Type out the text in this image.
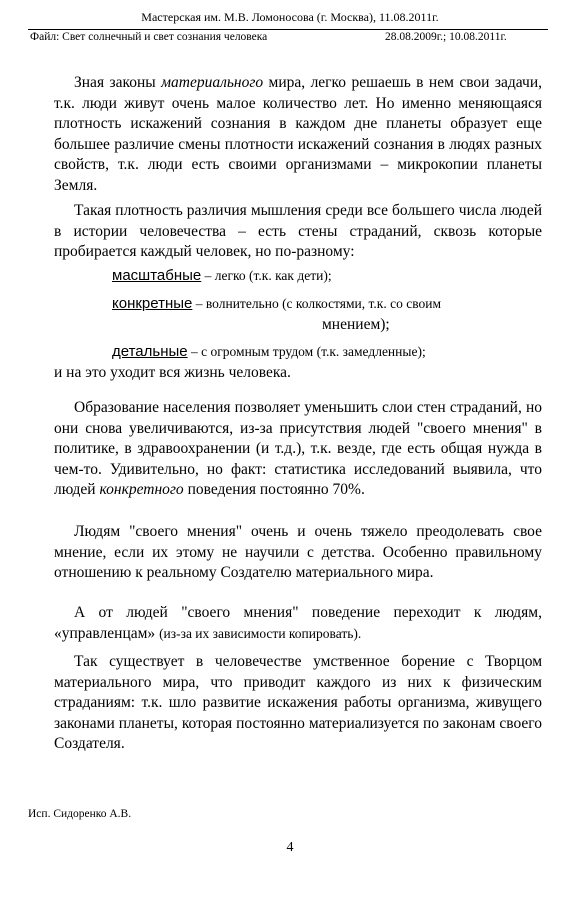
Мастерская им. М.В. Ломоносова (г. Москва), 11.08.2011г.
Файл: Свет солнечный и свет сознания человека	28.08.2009г.; 10.08.2011г.
Зная законы материального мира, легко решаешь в нем свои задачи, т.к. люди живут очень малое количество лет. Но именно меняющаяся плотность искажений сознания в каждом дне планеты образует еще большее различие смены плотности искажений сознания в людях разных свойств, т.к. люди есть своими организмами – микрокопии планеты Земля.
Такая плотность различия мышления среди все большего числа людей в истории человечества – есть стены страданий, сквозь которые пробирается каждый человек, но по-разному:
масштабные – легко (т.к. как дети);
конкретные – волнительно (с колкостями, т.к. со своим
мнением);
детальные – с огромным трудом (т.к. замедленные);
и на это уходит вся жизнь человека.
Образование населения позволяет уменьшить слои стен страданий, но они снова увеличиваются, из-за присутствия людей "своего мнения" в политике, в здравоохранении (и т.д.), т.к. везде, где есть общая нужда в чем-то. Удивительно, но факт: статистика исследований выявила, что людей конкретного поведения постоянно 70%.
Людям "своего мнения" очень и очень тяжело преодолевать свое мнение, если их этому не научили с детства. Особенно правильному отношению к реальному Создателю материального мира.
А от людей "своего мнения" поведение переходит к людям, «управленцам» (из-за их зависимости копировать).
Так существует в человечестве умственное борение с Творцом материального мира, что приводит каждого из них к физическим страданиям: т.к. шло развитие искажения работы организма, живущего законами планеты, которая постоянно материализуется по законам своего Создателя.
Исп. Сидоренко А.В.
4
